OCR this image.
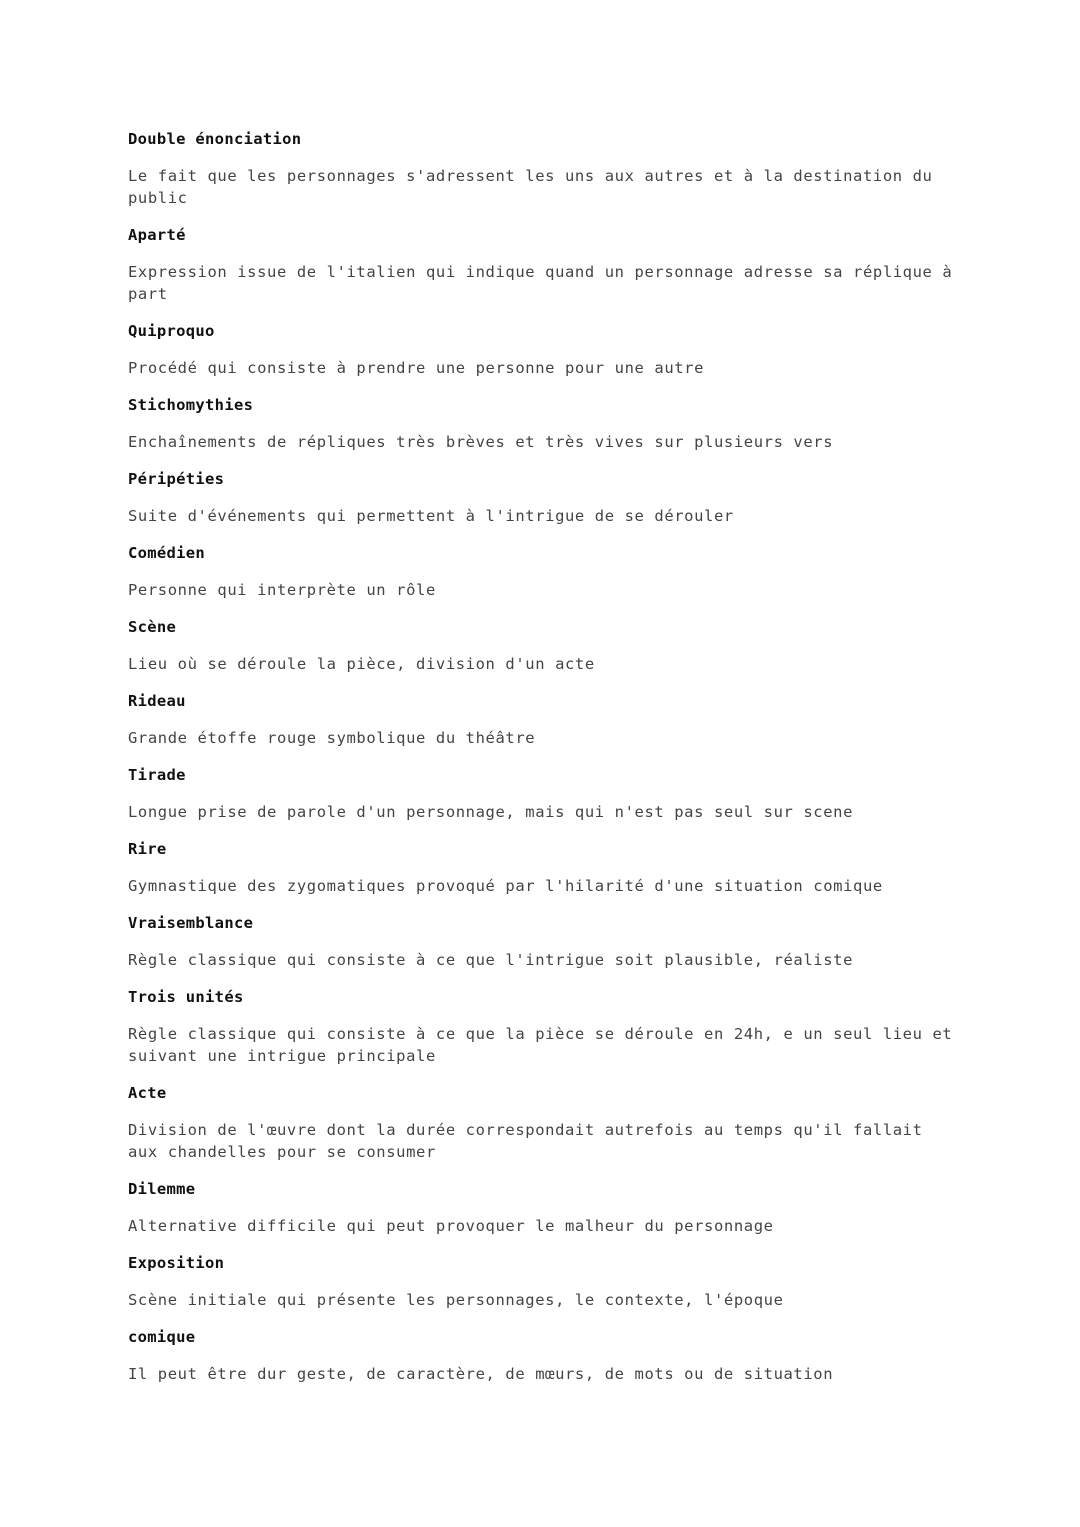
Double énonciation

Le fait que les personnages s'adressent les uns aux autres et à la destination du public

Aparté

Expression issue de l'italien qui indique quand un personnage adresse sa réplique à part

Quiproquo

Procédé qui consiste à prendre une personne pour une autre

Stichomythies

Enchaînements de répliques très brèves et très vives sur plusieurs vers

Péripéties

Suite d'événements qui permettent à l'intrigue de se dérouler

Comédien

Personne qui interprète un rôle

Scène

Lieu où se déroule la pièce, division d'un acte

Rideau

Grande étoffe rouge symbolique du théâtre

Tirade

Longue prise de parole d'un personnage, mais qui n'est pas seul sur scene

Rire

Gymnastique des zygomatiques provoqué par l'hilarité d'une situation comique

Vraisemblance

Règle classique qui consiste à ce que l'intrigue soit plausible, réaliste

Trois unités

Règle classique qui consiste à ce que la pièce se déroule en 24h, e un seul lieu et suivant une intrigue principale

Acte

Division de l'œuvre dont la durée correspondait autrefois au temps qu'il fallait aux chandelles pour se consumer

Dilemme

Alternative difficile qui peut provoquer le malheur du personnage

Exposition

Scène initiale qui présente les personnages, le contexte, l'époque

comique

Il peut être dur geste, de caractère, de mœurs, de mots ou de situation
